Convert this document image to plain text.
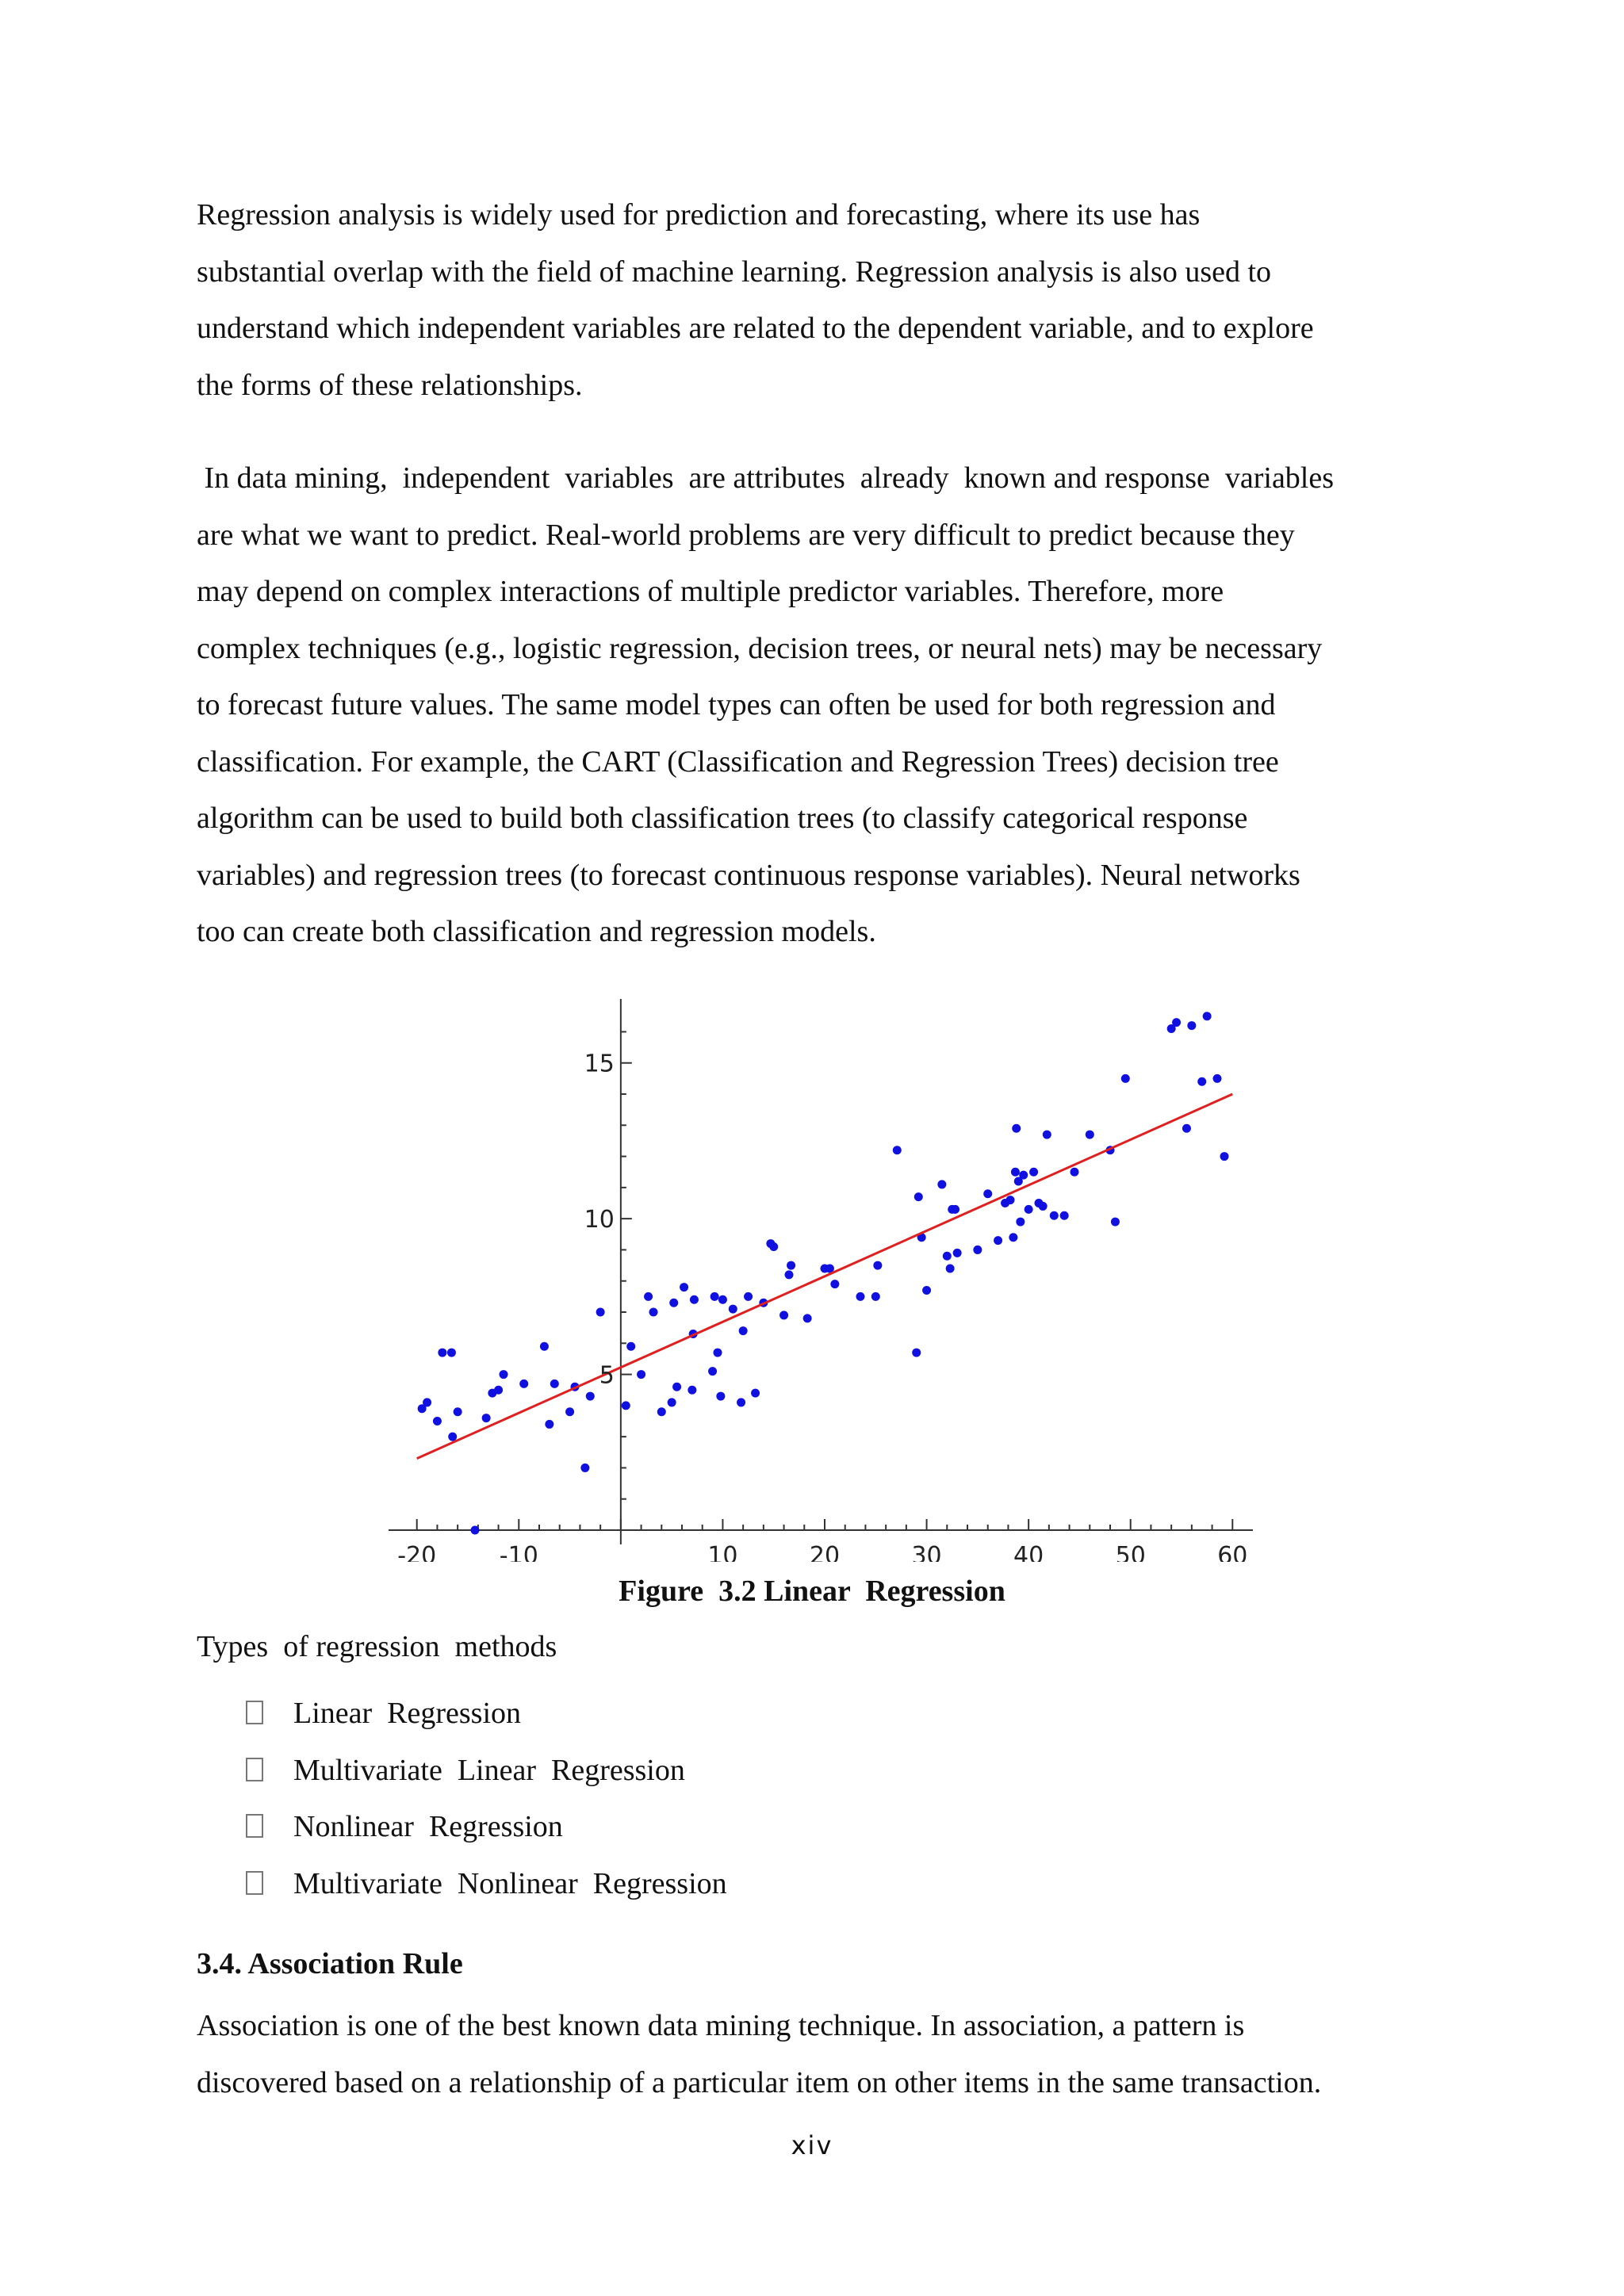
Regression analysis is widely used for prediction and forecasting, where its use has
substantial overlap with the field of machine learning. Regression analysis is also used to
understand which independent variables are related to the dependent variable, and to explore
the forms of these relationships.

In data mining,  independent  variables  are attributes  already  known and response  variables
are what we want to predict. Real-world problems are very difficult to predict because they
may depend on complex interactions of multiple predictor variables. Therefore, more
complex techniques (e.g., logistic regression, decision trees, or neural nets) may be necessary
to forecast future values. The same model types can often be used for both regression and
classification. For example, the CART (Classification and Regression Trees) decision tree
algorithm can be used to build both classification trees (to classify categorical response
variables) and regression trees (to forecast continuous response variables). Neural networks
too can create both classification and regression models.

-20	-10	10	20	30	40	50	60
5
10
15
Figure  3.2 Linear  Regression
Types  of regression  methods
Linear  Regression
Multivariate  Linear  Regression
Nonlinear  Regression
Multivariate  Nonlinear  Regression
3.4. Association Rule

Association is one of the best known data mining technique. In association, a pattern is
discovered based on a relationship of a particular item on other items in the same transaction.

xiv
